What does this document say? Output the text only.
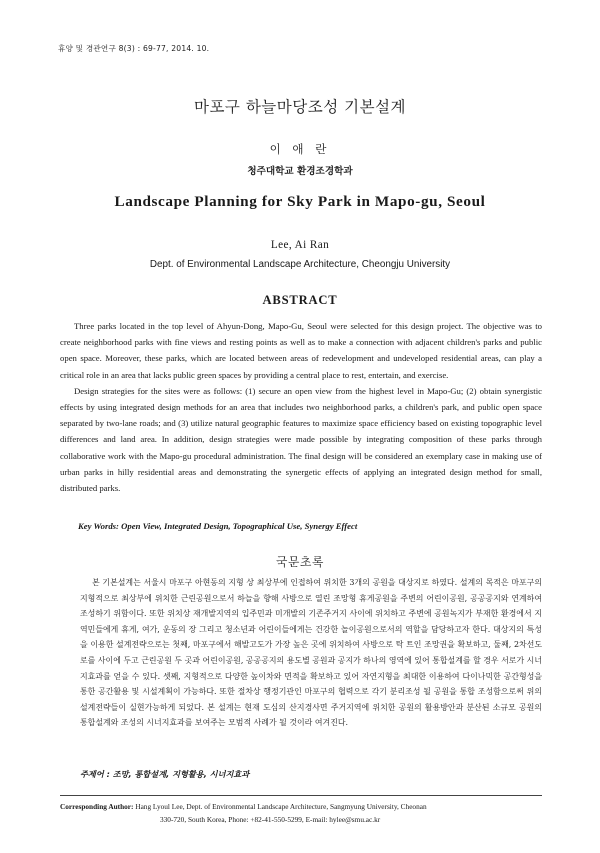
휴양 및 경관연구 8(3) : 69-77, 2014. 10.
마포구 하늘마당조성 기본설계
이 애 란
청주대학교 환경조경학과
Landscape Planning for Sky Park in Mapo-gu, Seoul
Lee, Ai Ran
Dept. of Environmental Landscape Architecture, Cheongju University
ABSTRACT

Three parks located in the top level of Ahyun-Dong, Mapo-Gu, Seoul were selected for this design project. The objective was to create neighborhood parks with fine views and resting points as well as to make a connection with adjacent children's parks and public open space. Moreover, these parks, which are located between areas of redevelopment and undeveloped residential areas, can play a critical role in an area that lacks public green spaces by providing a central place to rest, entertain, and exercise.

Design strategies for the sites were as follows: (1) secure an open view from the highest level in Mapo-Gu; (2) obtain synergistic effects by using integrated design methods for an area that includes two neighborhood parks, a children's park, and public open space separated by two-lane roads; and (3) utilize natural geographic features to maximize space efficiency based on existing topographic level differences and land area. In addition, design strategies were made possible by integrating composition of these parks through collaborative work with the Mapo-gu procedural administration. The final design will be considered an exemplary case in making use of urban parks in hilly residential areas and demonstrating the synergetic effects of applying an integrated design method for small, distributed parks.

Key Words: Open View, Integrated Design, Topographical Use, Synergy Effect
국문초록

본 기본설계는 서울시 마포구 아현동의 지형 상 최상부에 인접하여 위치한 3개의 공원을 대상지로 하였다. 설계의 목적은 마포구의 지형적으로 최상부에 위치한 근린공원으로서 하늘을 향해 사방으로 열린 조망형 휴게공원을 주변의 어린이공원, 공공공지와 연계하여 조성하기 위함이다. 또한 위치상 재개발지역의 입주민과 미개발의 기존주거지 사이에 위치하고 주변에 공원녹지가 부재한 환경에서 지역민들에게 휴게, 여가, 운동의 장 그리고 청소년과 어린이들에게는 건강한 놀이공원으로서의 역할을 담당하고자 한다. 대상지의 특성을 이용한 설계전략으로는 첫째, 마포구에서 해발고도가 가장 높은 곳에 위치하여 사방으로 탁 트인 조망권을 확보하고, 둘째, 2차선도로를 사이에 두고 근린공원 두 곳과 어린이공원, 공공공지의 용도별 공원과 공지가 하나의 영역에 있어 통합설계를 할 경우 서로가 시너지효과를 얻을 수 있다. 셋째, 지형적으로 다양한 높이차와 면적을 확보하고 있어 자연지형을 최대한 이용하여 다이나믹한 공간형성을 통한 공간활용 및 시설계획이 가능하다. 또한 절차상 행정기관인 마포구의 협력으로 각기 분리조성 될 공원을 통합 조성함으로써 위의 설계전략들이 실현가능하게 되었다. 본 설계는 현재 도심의 산지경사면 주거지역에 위치한 공원의 활용방안과 분산된 소규모 공원의 통합설계와 조성의 시너지효과를 보여주는 모범적 사례가 될 것이라 여겨진다.

주제어 : 조망, 통합설계, 지형활용, 시너지효과
Corresponding Author: Hang Lyoul Lee, Dept. of Environmental Landscape Architecture, Sangmyung University, Cheonan
330-720, South Korea, Phone: +82-41-550-5299, E-mail: hylee@smu.ac.kr
